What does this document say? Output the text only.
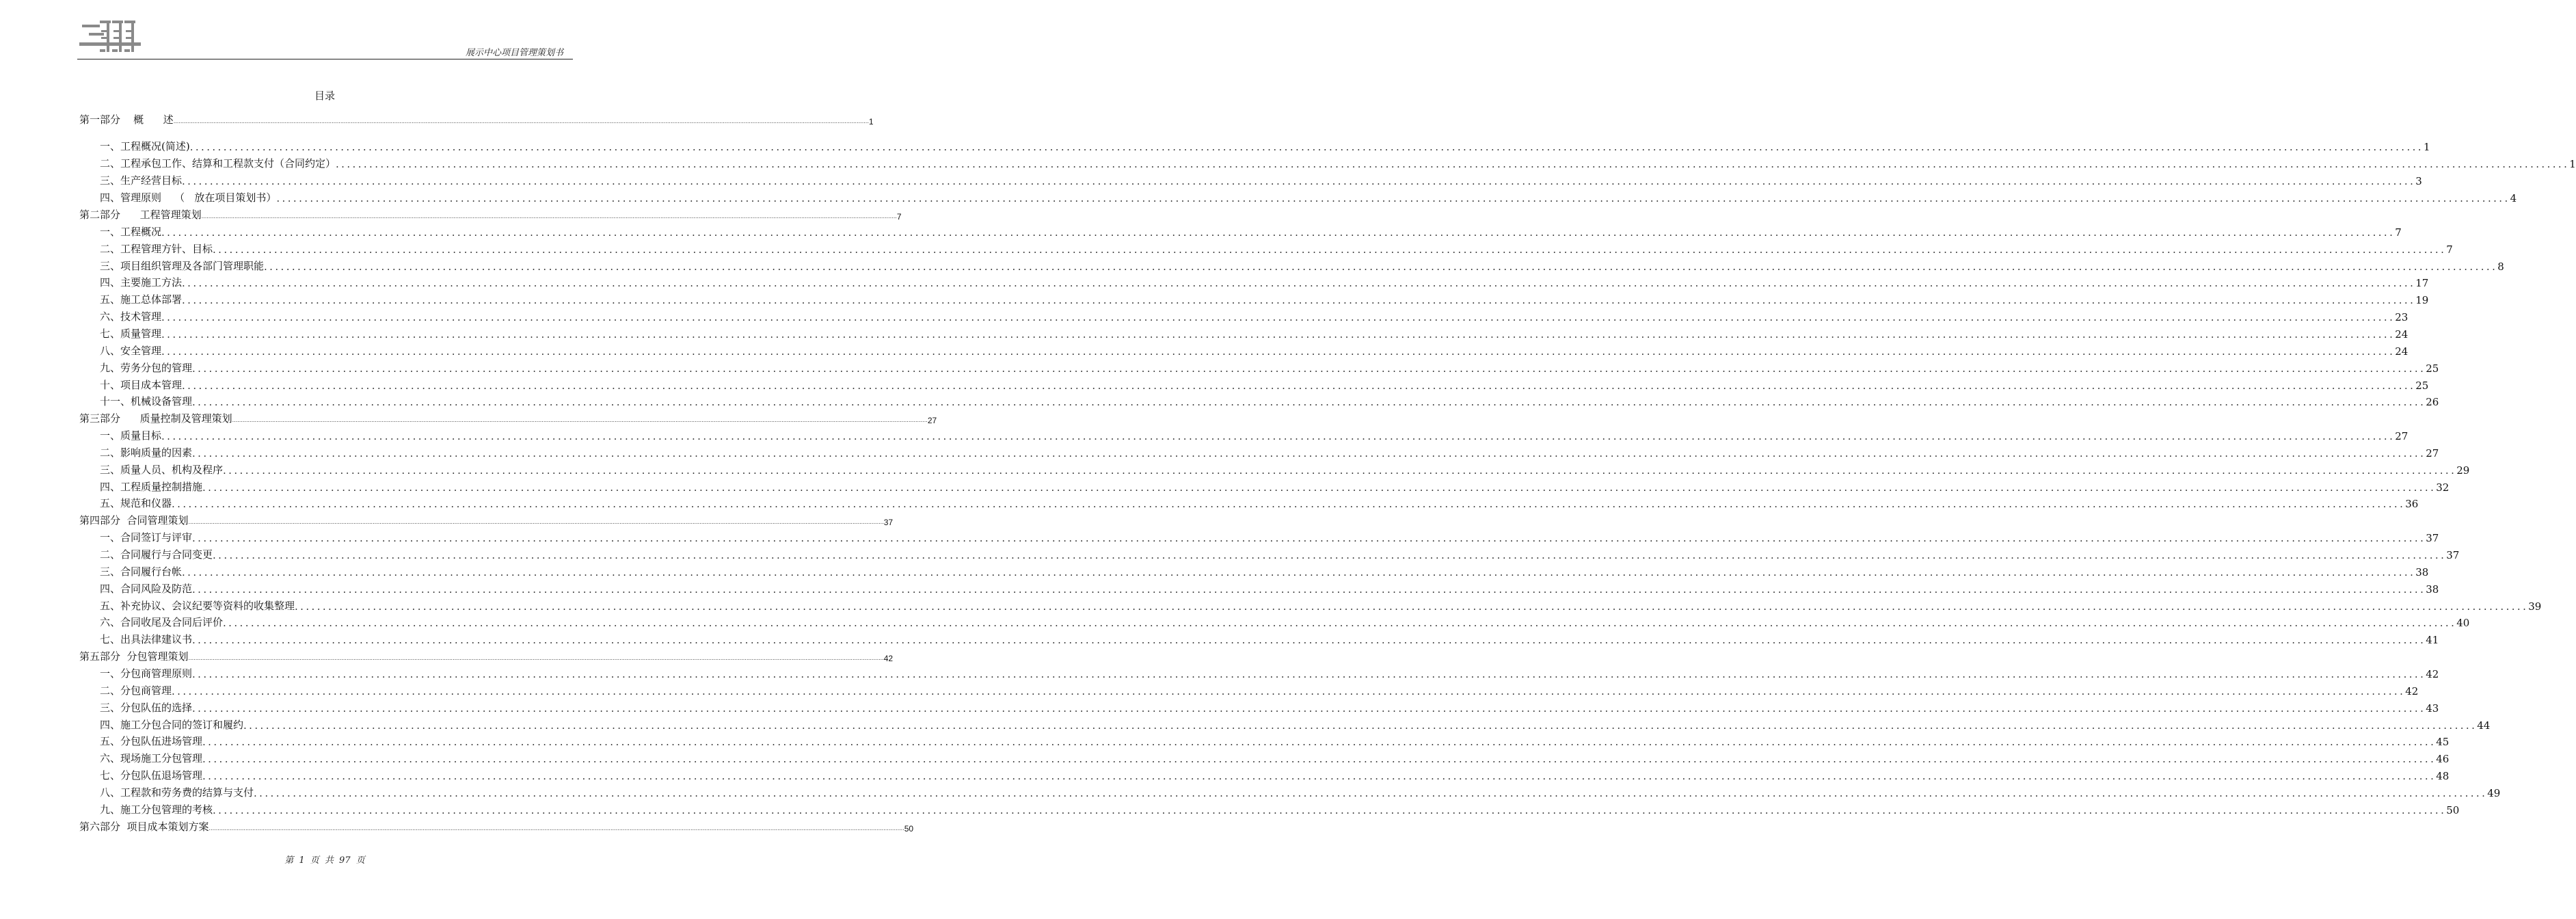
展示中心项目管理策划书
目录
第一部分    概      述 ................................................................................................................................................................................................................................................................................................................................................................................................................ 1
一、工程概况(简述) ................................................................................................................................................................................................................................................................................................................................................................................................................ 1
二、工程承包工作、结算和工程款支付（合同约定） ................................................................................................................................................................................................................................................................................................................................................................................................................ 1
三、生产经营目标 ................................................................................................................................................................................................................................................................................................................................................................................................................ 3
四、管理原则    （   放在项目策划书） ................................................................................................................................................................................................................................................................................................................................................................................................................ 4
第二部分      工程管理策划 ................................................................................................................................................................................................................................................................................................................................................................................................................ 7
一、工程概况 ................................................................................................................................................................................................................................................................................................................................................................................................................ 7
二、工程管理方针、目标 ................................................................................................................................................................................................................................................................................................................................................................................................................ 7
三、项目组织管理及各部门管理职能 ................................................................................................................................................................................................................................................................................................................................................................................................................ 8
四、主要施工方法 ................................................................................................................................................................................................................................................................................................................................................................................................................ 17
五、施工总体部署 ................................................................................................................................................................................................................................................................................................................................................................................................................ 19
六、技术管理 ................................................................................................................................................................................................................................................................................................................................................................................................................ 23
七、质量管理 ................................................................................................................................................................................................................................................................................................................................................................................................................ 24
八、安全管理 ................................................................................................................................................................................................................................................................................................................................................................................................................ 24
九、劳务分包的管理 ................................................................................................................................................................................................................................................................................................................................................................................................................ 25
十、项目成本管理 ................................................................................................................................................................................................................................................................................................................................................................................................................ 25
十一、机械设备管理 ................................................................................................................................................................................................................................................................................................................................................................................................................ 26
第三部分      质量控制及管理策划 ................................................................................................................................................................................................................................................................................................................................................................................................................ 27
一、质量目标 ................................................................................................................................................................................................................................................................................................................................................................................................................ 27
二、影响质量的因素 ................................................................................................................................................................................................................................................................................................................................................................................................................ 27
三、质量人员、机构及程序 ................................................................................................................................................................................................................................................................................................................................................................................................................ 29
四、工程质量控制措施 ................................................................................................................................................................................................................................................................................................................................................................................................................ 32
五、规范和仪器 ................................................................................................................................................................................................................................................................................................................................................................................................................ 36
第四部分  合同管理策划 ................................................................................................................................................................................................................................................................................................................................................................................................................ 37
一、合同签订与评审 ................................................................................................................................................................................................................................................................................................................................................................................................................ 37
二、合同履行与合同变更 ................................................................................................................................................................................................................................................................................................................................................................................................................ 37
三、合同履行台帐 ................................................................................................................................................................................................................................................................................................................................................................................................................ 38
四、合同风险及防范 ................................................................................................................................................................................................................................................................................................................................................................................................................ 38
五、补充协议、会议纪要等资料的收集整理 ................................................................................................................................................................................................................................................................................................................................................................................................................ 39
六、合同收尾及合同后评价 ................................................................................................................................................................................................................................................................................................................................................................................................................ 40
七、出具法律建议书 ................................................................................................................................................................................................................................................................................................................................................................................................................ 41
第五部分  分包管理策划 ................................................................................................................................................................................................................................................................................................................................................................................................................ 42
一、分包商管理原则 ................................................................................................................................................................................................................................................................................................................................................................................................................ 42
二、分包商管理 ................................................................................................................................................................................................................................................................................................................................................................................................................ 42
三、分包队伍的选择 ................................................................................................................................................................................................................................................................................................................................................................................................................ 43
四、施工分包合同的签订和履约 ................................................................................................................................................................................................................................................................................................................................................................................................................ 44
五、分包队伍进场管理 ................................................................................................................................................................................................................................................................................................................................................................................................................ 45
六、现场施工分包管理 ................................................................................................................................................................................................................................................................................................................................................................................................................ 46
七、分包队伍退场管理 ................................................................................................................................................................................................................................................................................................................................................................................................................ 48
八、工程款和劳务费的结算与支付 ................................................................................................................................................................................................................................................................................................................................................................................................................ 49
九、施工分包管理的考核 ................................................................................................................................................................................................................................................................................................................................................................................................................ 50
第六部分  项目成本策划方案 ................................................................................................................................................................................................................................................................................................................................................................................................................ 50
第 1 页 共 97 页
